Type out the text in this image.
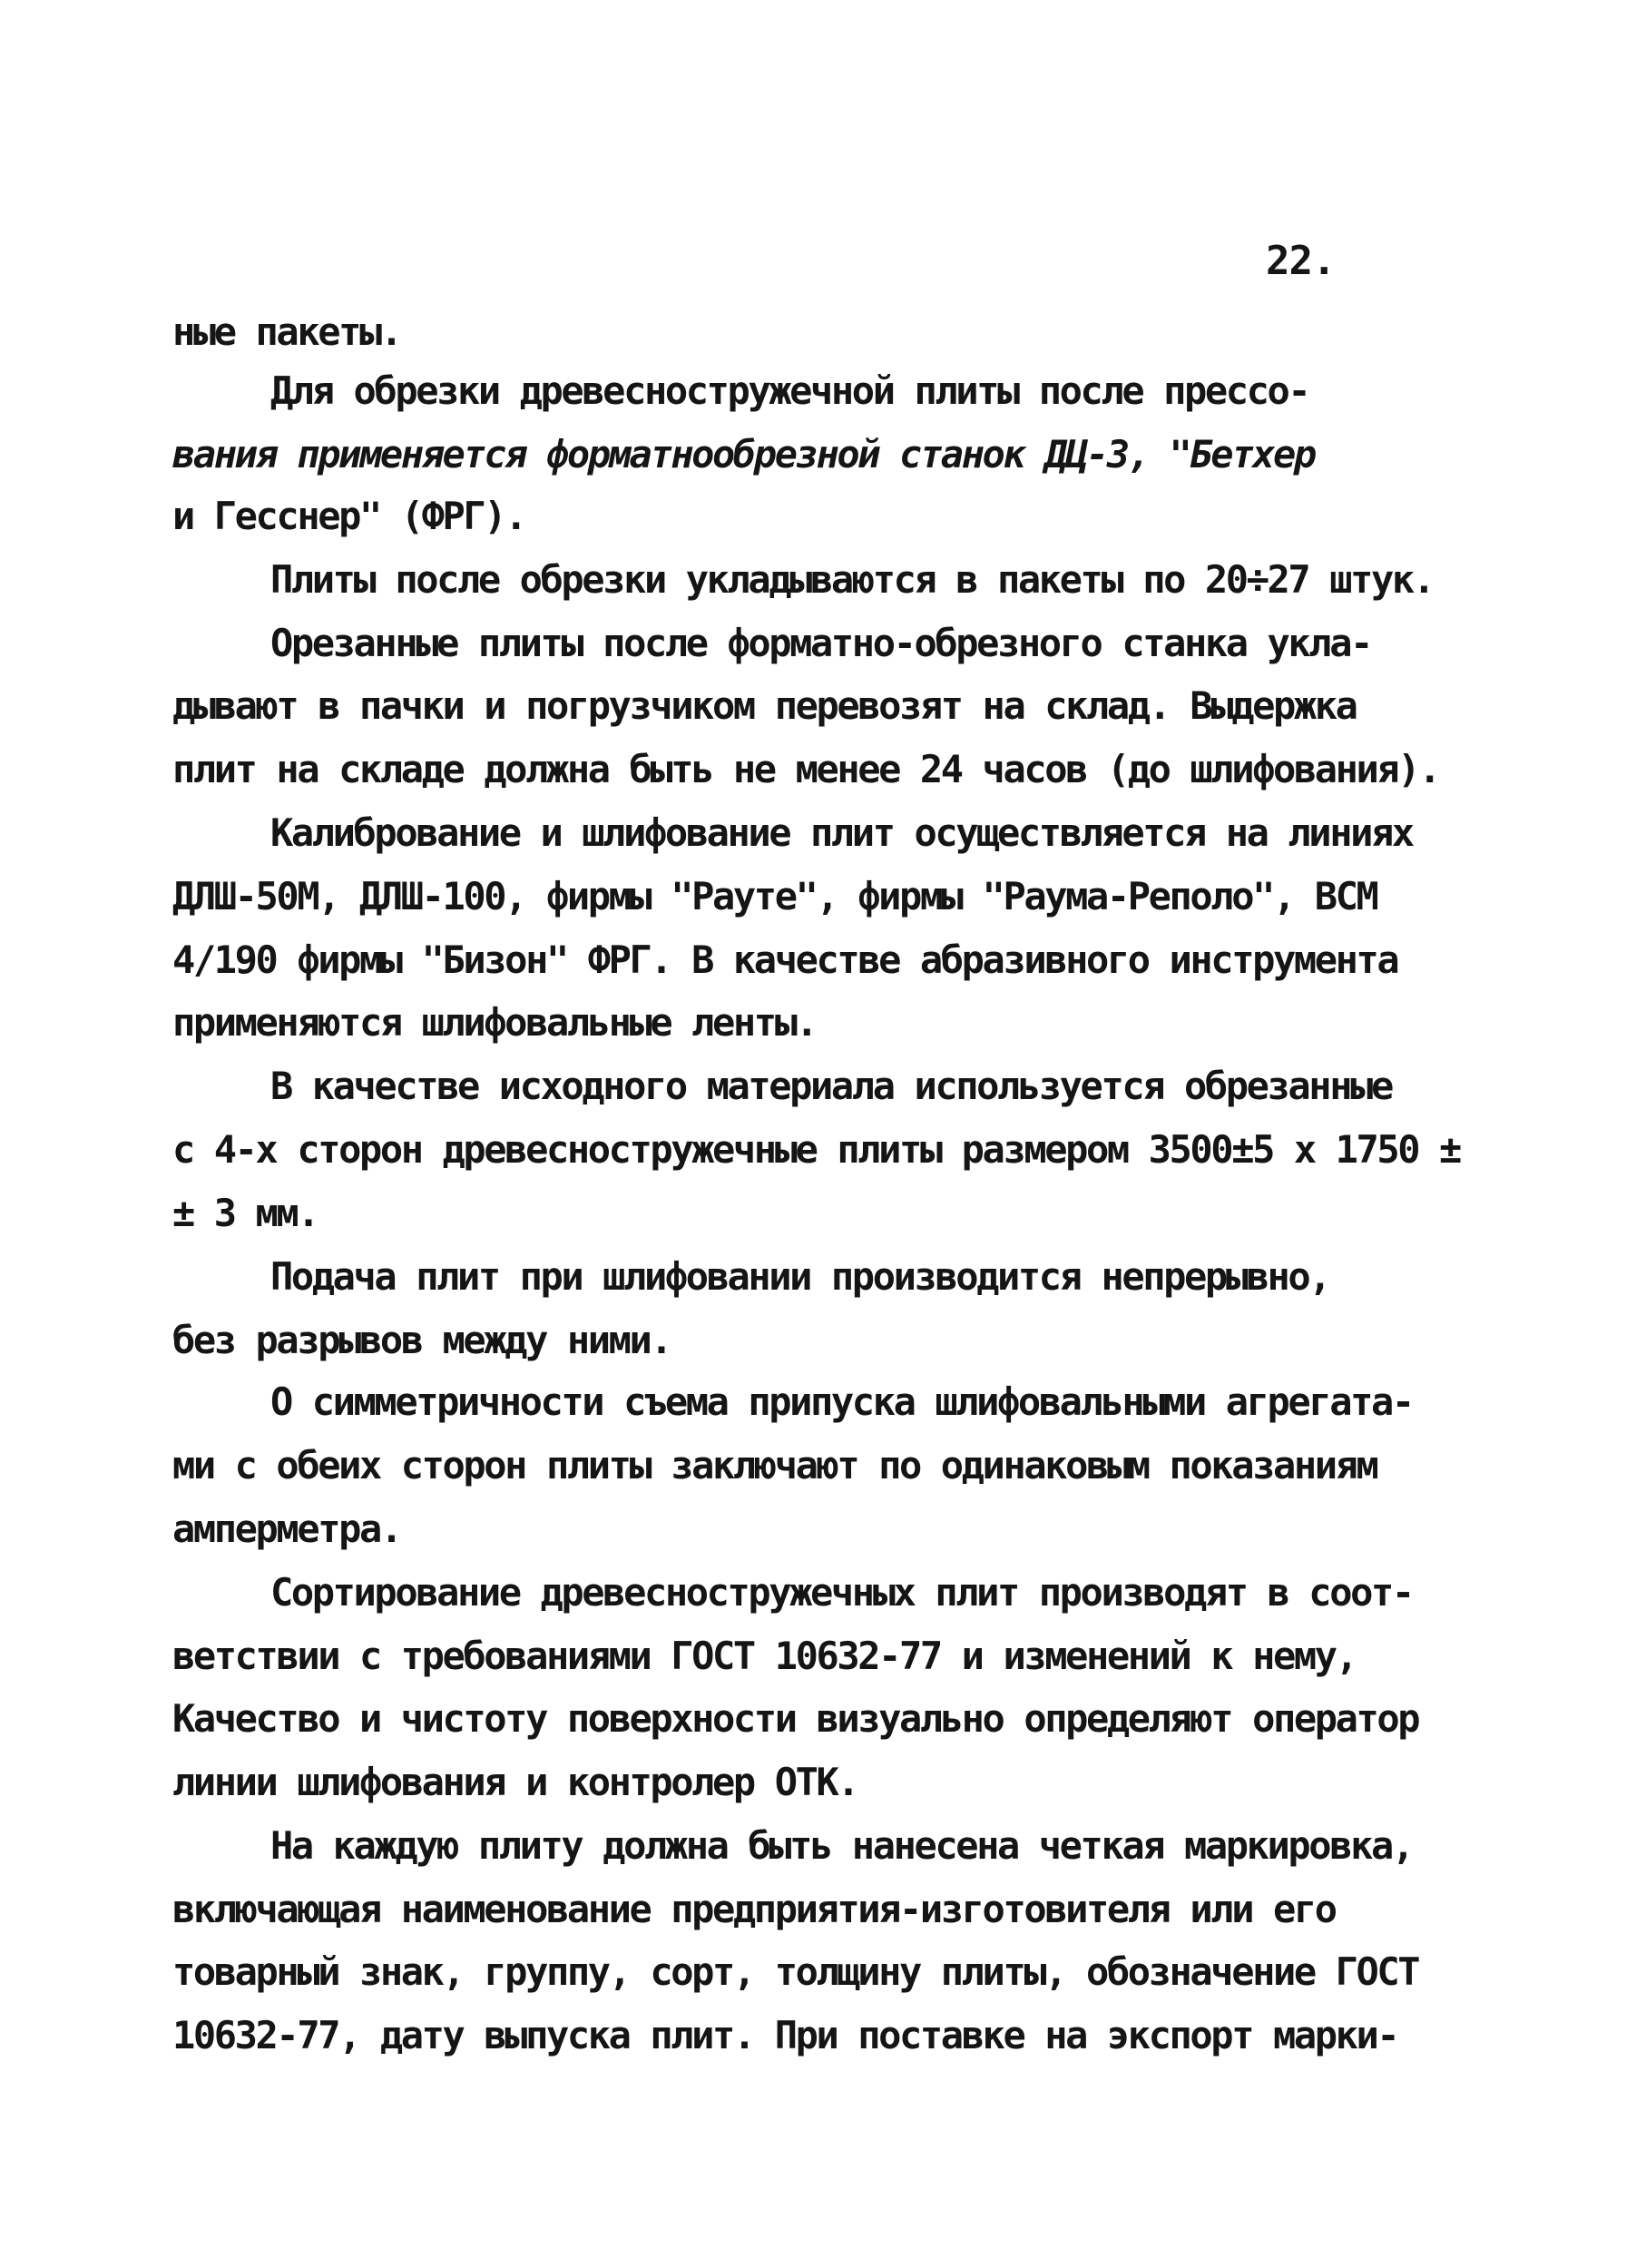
22.
ные пакеты.
Для обрезки древесностружечной плиты после прессо-
вания применяется форматнообрезной станок ДЦ-3, "Бетхер
и Гесснер" (ФРГ).
Плиты после обрезки укладываются в пакеты по 20÷27 штук.
Орезанные плиты после форматно-обрезного станка укла-
дывают в пачки и погрузчиком перевозят на склад. Выдержка
плит на складе должна быть не менее 24 часов (до шлифования).
Калибрование и шлифование плит осуществляется на линиях
ДЛШ-50М, ДЛШ-100, фирмы "Рауте", фирмы "Раума-Реполо", ВСМ
4/190 фирмы "Бизон" ФРГ. В качестве абразивного инструмента
применяются шлифовальные ленты.
В качестве исходного материала используется обрезанные
с 4-х сторон древесностружечные плиты размером 3500±5 х 1750 ±
± 3 мм.
Подача плит при шлифовании производится непрерывно,
без разрывов между ними.
О симметричности съема припуска шлифовальными агрегата-
ми с обеих сторон плиты заключают по одинаковым показаниям
амперметра.
Сортирование древесностружечных плит производят в соот-
ветствии с требованиями ГОСТ 10632-77 и изменений к нему,
Качество и чистоту поверхности визуально определяют оператор
линии шлифования и контролер ОТК.
На каждую плиту должна быть нанесена четкая маркировка,
включающая наименование предприятия-изготовителя или его
товарный знак, группу, сорт, толщину плиты, обозначение ГОСТ
10632-77, дату выпуска плит. При поставке на экспорт марки-
